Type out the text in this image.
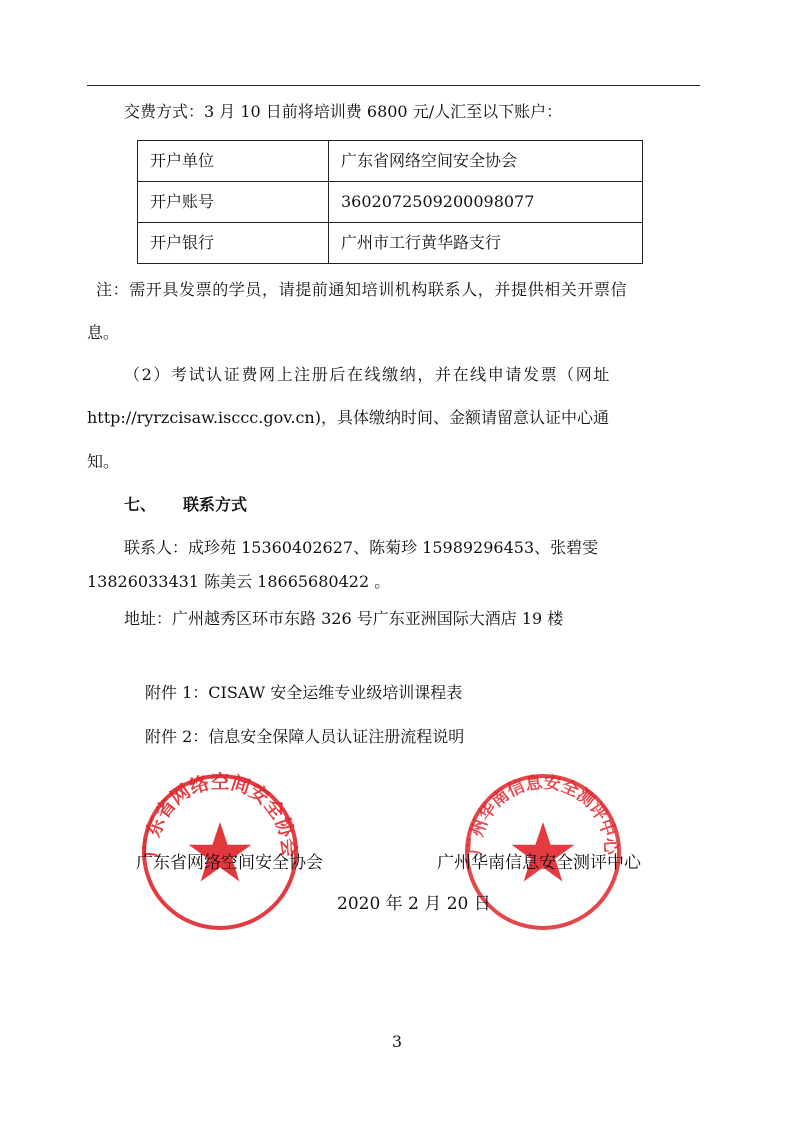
交费方式：3 月 10 日前将培训费 6800 元/人汇至以下账户：
开户单位	广东省网络空间安全协会
开户账号	3602072509200098077
开户银行	广州市工行黄华路支行
注：需开具发票的学员，请提前通知培训机构联系人，并提供相关开票信
息。
（2）考试认证费网上注册后在线缴纳，并在线申请发票（网址
http://ryrzcisaw.isccc.gov.cn)，具体缴纳时间、金额请留意认证中心通
知。
七、 联系方式
联系人：成珍苑 15360402627、陈菊珍 15989296453、张碧雯
13826033431 陈美云 18665680422 。
地址：广州越秀区环市东路 326 号广东亚洲国际大酒店 19 楼
附件 1：CISAW 安全运维专业级培训课程表
附件 2：信息安全保障人员认证注册流程说明
广东省网络空间安全协会	广州华南信息安全测评中心
广东省网络空间安全协会	广州华南信息安全测评中心
2020 年 2 月 20 日
3
